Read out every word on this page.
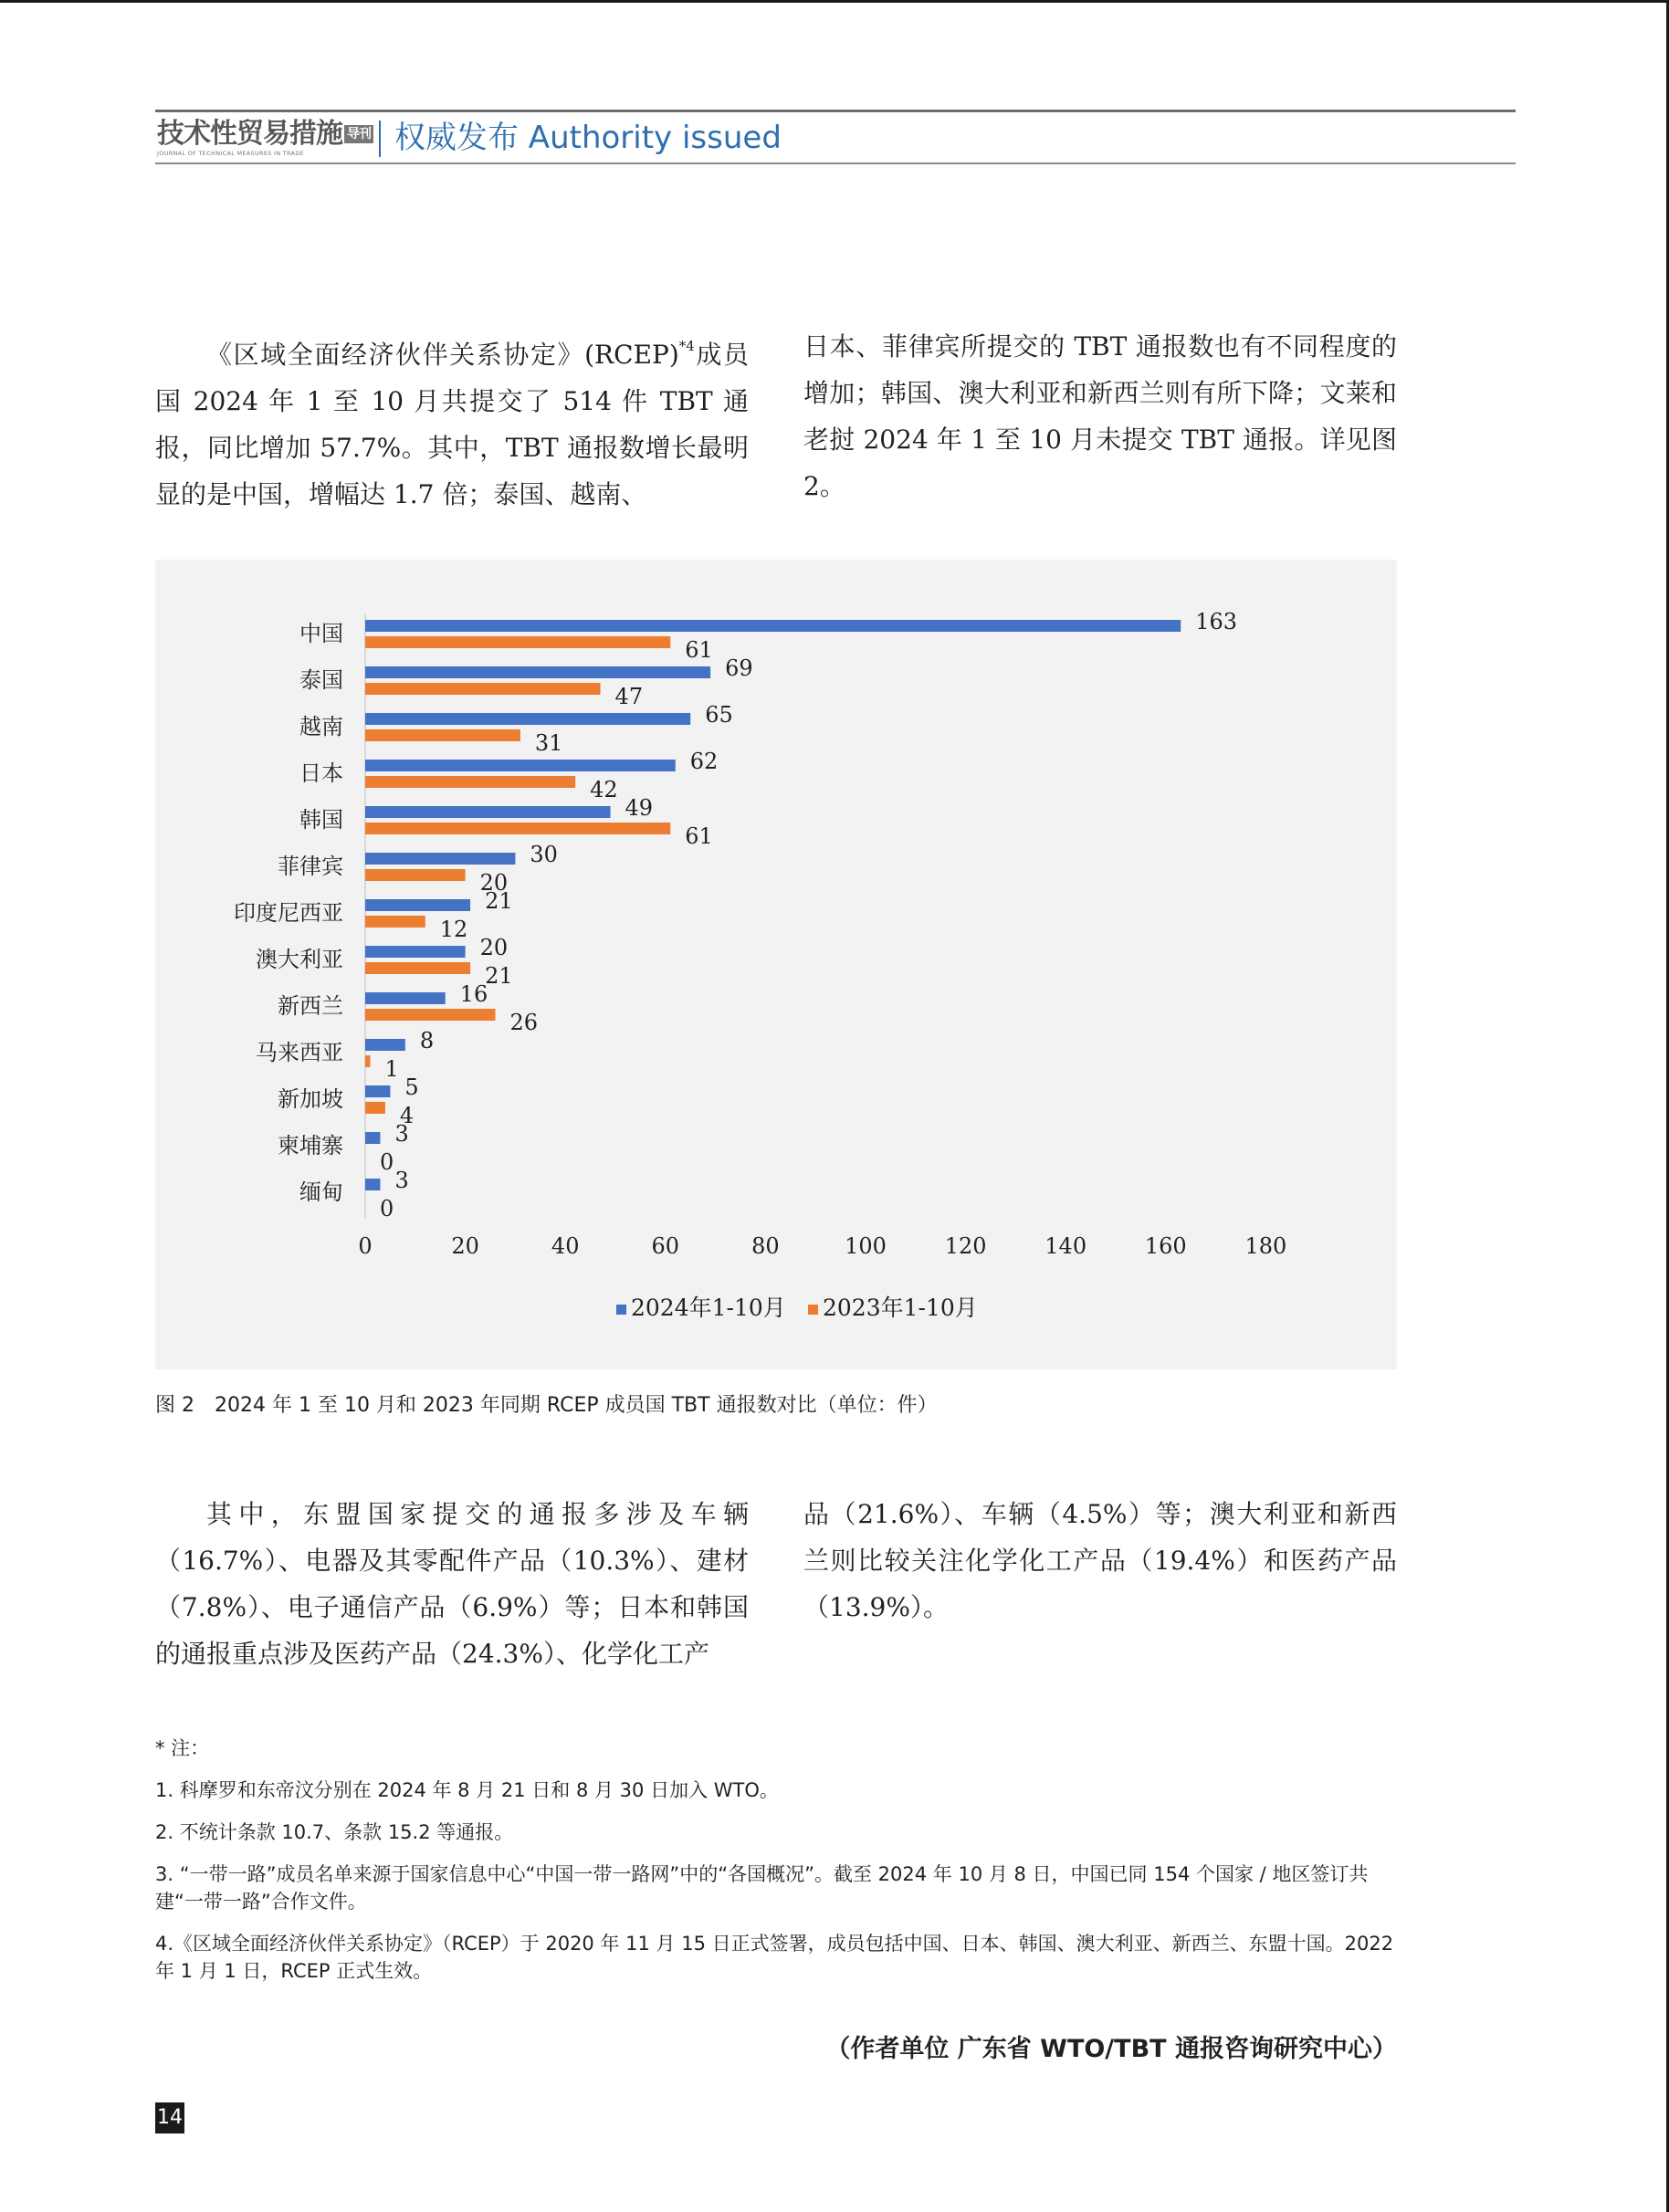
技术性贸易措施 导刊
JOURNAL OF TECHNICAL MEASURES IN TRADE	权威发布 Authority issued

《区域全面经济伙伴关系协定》(RCEP)$^{*4}$成员国 2024 年 1 至 10 月共提交了 514 件 TBT 通报，同比增加 57.7%。其中，TBT 通报数增长最明显的是中国，增幅达 1.7 倍；泰国、越南、

日本、菲律宾所提交的 TBT 通报数也有不同程度的增加；韩国、澳大利亚和新西兰则有所下降；文莱和老挝 2024 年 1 至 10 月未提交 TBT 通报。详见图 2。

中国	163
61
泰国	69
47
越南	65
31
日本	62
42
韩国	49
61
菲律宾	30
20
印度尼西亚	21
12
澳大利亚	20
21
新西兰	16
26
马来西亚	8
1
新加坡	5
4
柬埔寨 3
0
缅甸 3
0
0	20	40	60	80	100	120	140	160	180
2024年1-10月 2023年1-10月
图 2　2024 年 1 至 10 月和 2023 年同期 RCEP 成员国 TBT 通报数对比（单位：件）

其中，东盟国家提交的通报多涉及车辆（16.7%）、电器及其零配件产品（10.3%）、建材（7.8%）、电子通信产品（6.9%）等；日本和韩国的通报重点涉及医药产品（24.3%）、化学化工产

品（21.6%）、车辆（4.5%）等；澳大利亚和新西兰则比较关注化学化工产品（19.4%）和医药产品（13.9%）。

* 注：

1. 科摩罗和东帝汶分别在 2024 年 8 月 21 日和 8 月 30 日加入 WTO。

2. 不统计条款 10.7、条款 15.2 等通报。

3. “一带一路”成员名单来源于国家信息中心“中国一带一路网”中的“各国概况”。截至 2024 年 10 月 8 日，中国已同 154 个国家 / 地区签订共建“一带一路”合作文件。

4.《区域全面经济伙伴关系协定》（RCEP）于 2020 年 11 月 15 日正式签署，成员包括中国、日本、韩国、澳大利亚、新西兰、东盟十国。2022 年 1 月 1 日，RCEP 正式生效。

（作者单位 广东省 WTO/TBT 通报咨询研究中心）
14
